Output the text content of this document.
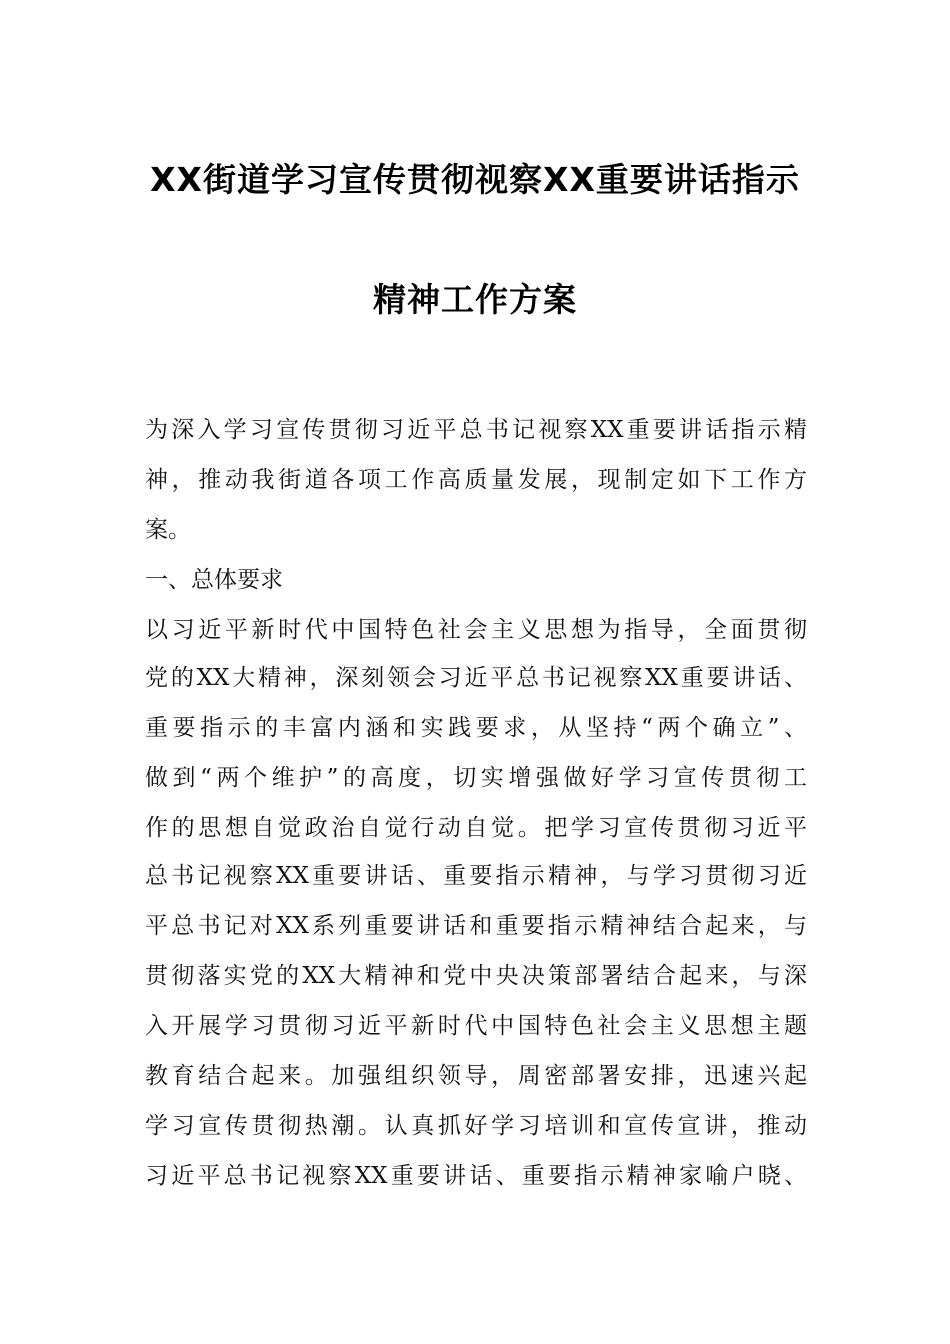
XX街道学习宣传贯彻视察XX重要讲话指示
精神工作方案
为深入学习宣传贯彻习近平总书记视察XX重要讲话指示精
神，推动我街道各项工作高质量发展，现制定如下工作方
案。
一、总体要求
以习近平新时代中国特色社会主义思想为指导，全面贯彻
党的XX大精神，深刻领会习近平总书记视察XX重要讲话、
重要指示的丰富内涵和实践要求，从坚持“两个确立”、
做到“两个维护”的高度，切实增强做好学习宣传贯彻工
作的思想自觉政治自觉行动自觉。把学习宣传贯彻习近平
总书记视察XX重要讲话、重要指示精神，与学习贯彻习近
平总书记对XX系列重要讲话和重要指示精神结合起来，与
贯彻落实党的XX大精神和党中央决策部署结合起来，与深
入开展学习贯彻习近平新时代中国特色社会主义思想主题
教育结合起来。加强组织领导，周密部署安排，迅速兴起
学习宣传贯彻热潮。认真抓好学习培训和宣传宣讲，推动
习近平总书记视察XX重要讲话、重要指示精神家喻户晓、
